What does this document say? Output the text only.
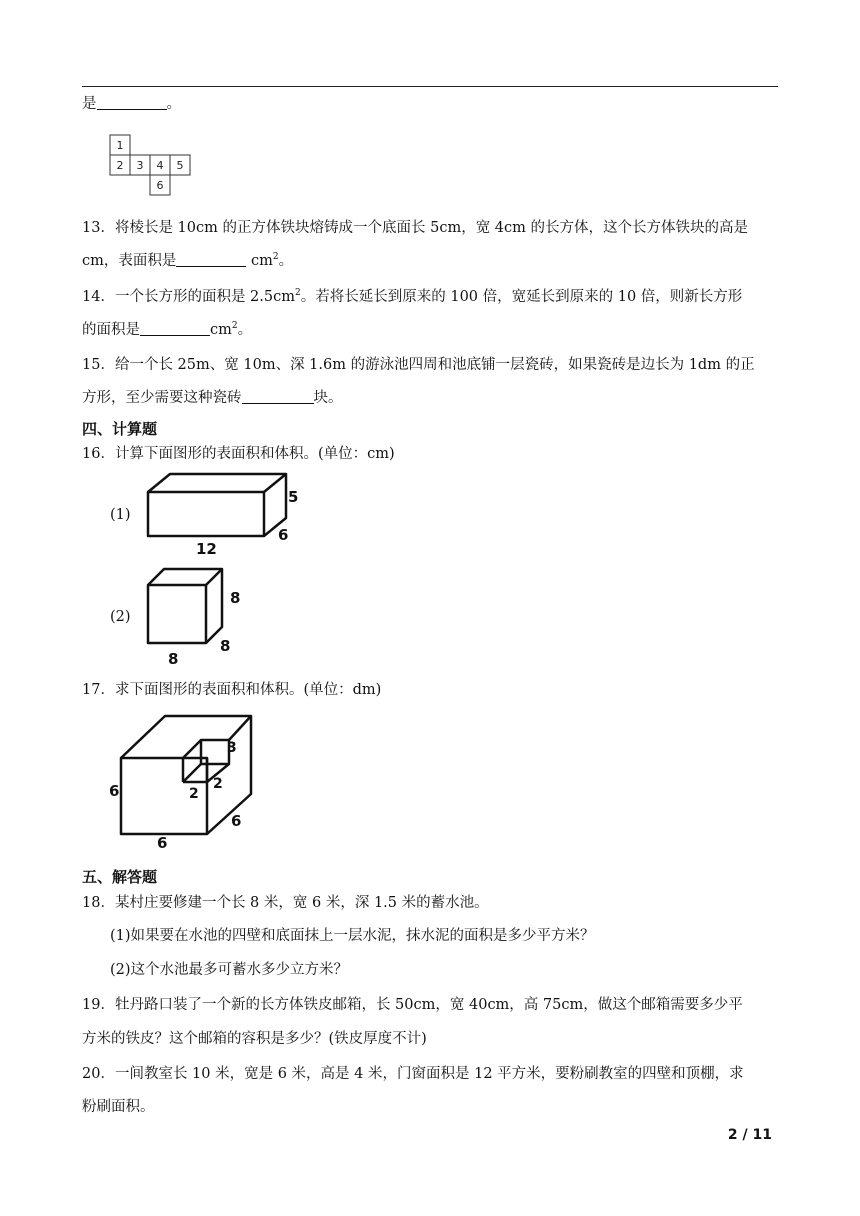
是	。
1
2 3 4 5
6
13．将棱长是 10cm 的正方体铁块熔铸成一个底面长 5cm，宽 4cm 的长方体，这个长方体铁块的高是
cm，表面积是	$cm^2$。
14．一个长方形的面积是 $2.5cm^2$。若将长延长到原来的 100 倍，宽延长到原来的 10 倍，则新长方形
的面积是	$cm^2$。
15．给一个长 25m、宽 10m、深 1.6m 的游泳池四周和池底铺一层瓷砖，如果瓷砖是边长为 1dm 的正
方形，至少需要这种瓷砖	块。
四、计算题
16．计算下面图形的表面积和体积。(单位：cm)
(1)
5
6
12
(2)
8
8
8
17．求下面图形的表面积和体积。(单位：dm)
6
6
6
2
2
3
五、解答题
18．某村庄要修建一个长 8 米，宽 6 米，深 1.5 米的蓄水池。
(1)如果要在水池的四壁和底面抹上一层水泥，抹水泥的面积是多少平方米？
(2)这个水池最多可蓄水多少立方米？
19．牡丹路口装了一个新的长方体铁皮邮箱，长 50cm，宽 40cm，高 75cm，做这个邮箱需要多少平
方米的铁皮？这个邮箱的容积是多少？(铁皮厚度不计)
20．一间教室长 10 米，宽是 6 米，高是 4 米，门窗面积是 12 平方米，要粉刷教室的四壁和顶棚，求
粉刷面积。
2 / 11
